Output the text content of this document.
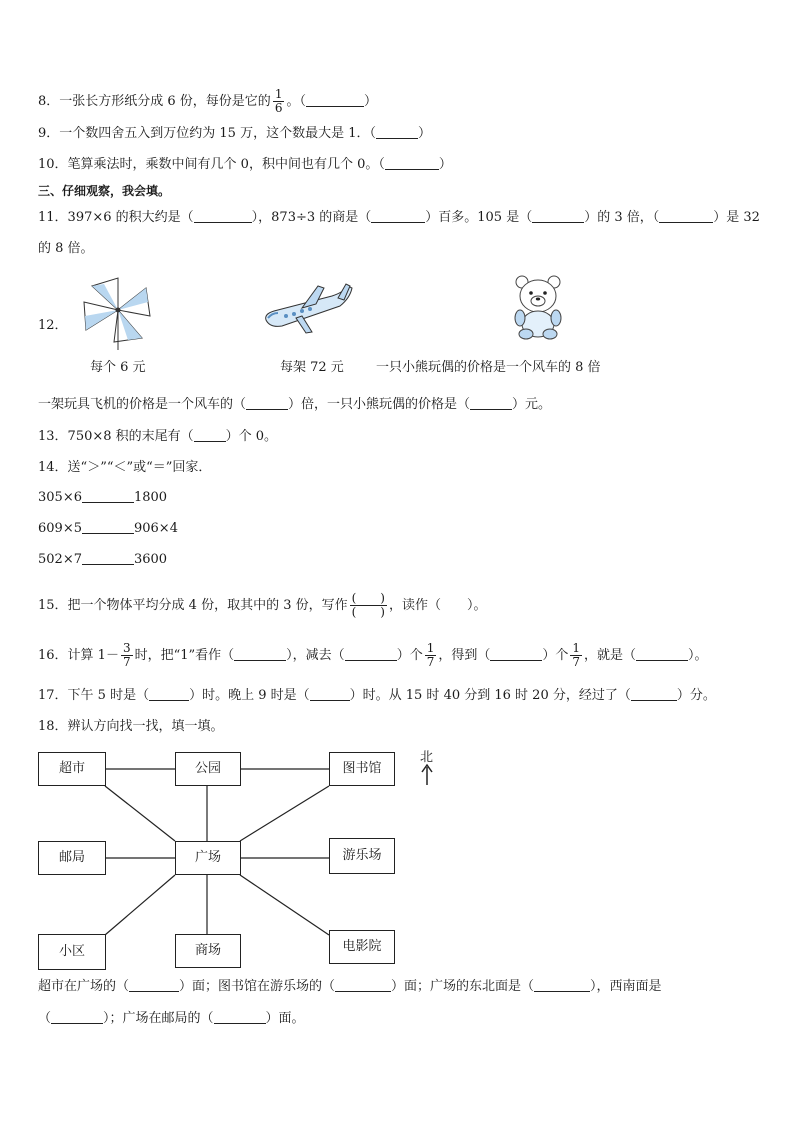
8．一张长方形纸分成 6 份，每份是它的 $\frac{1}{6}$ 。（	）
9．一个数四舍五入到万位约为 15 万，这个数最大是 1．（	）
10．笔算乘法时，乘数中间有几个 0，积中间也有几个 0。（	）
三、仔细观察，我会填。
11．397×6 的积大约是（	），873÷3 的商是（	）百多。105 是（	）的 3 倍，（	）是 32
的 8 倍。
12．
每个 6 元	每架 72 元 一只小熊玩偶的价格是一个风车的 8 倍
一架玩具飞机的价格是一个风车的（	）倍，一只小熊玩偶的价格是（	）元。
13．750×8 积的末尾有（ ）个 0。
14．送“＞”“＜”或“＝”回家．
305×6	1800
609×5	906×4
502×7	3600
15．把一个物体平均分成 4 份，取其中的 3 份，写作 $\frac{( )}{( )}$ ，读作（　　）。
16．计算 $1- \frac{3}{7}$ 时，把“1”看作（	），减去（	）个 $\frac{1}{7}$ ，得到（	）个 $\frac{1}{7}$ ，就是（	）。
17．下午 5 时是（	）时。晚上 9 时是（	）时。从 15 时 40 分到 16 时 20 分，经过了（	）分。
18．辨认方向找一找，填一填。
北
超市	公园	图书馆
邮局	广场	游乐场
小区	商场	电影院
超市在广场的（	）面；图书馆在游乐场的（	）面；广场的东北面是（	），西南面是
（	）；广场在邮局的（	）面。
